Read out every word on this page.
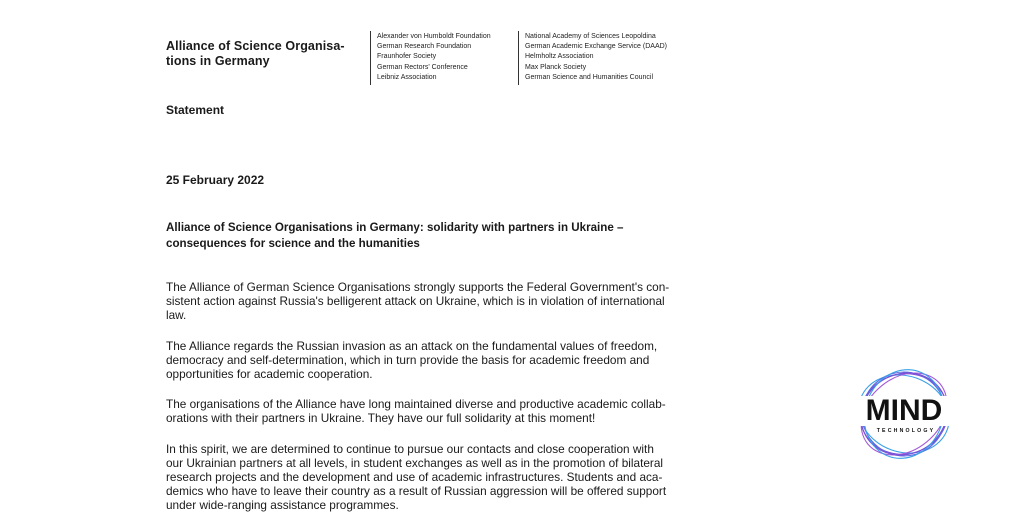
Alliance of Science Organisa-
tions in Germany
Alexander von Humboldt Foundation
German Research Foundation
Fraunhofer Society
German Rectors' Conference
Leibniz Association
National Academy of Sciences Leopoldina
German Academic Exchange Service (DAAD)
Helmholtz Association
Max Planck Society
German Science and Humanities Council
Statement
25 February 2022
Alliance of Science Organisations in Germany: solidarity with partners in Ukraine –
consequences for science and the humanities

The Alliance of German Science Organisations strongly supports the Federal Government's con-
sistent action against Russia's belligerent attack on Ukraine, which is in violation of international
law.

The Alliance regards the Russian invasion as an attack on the fundamental values of freedom,
democracy and self-determination, which in turn provide the basis for academic freedom and
opportunities for academic cooperation.

The organisations of the Alliance have long maintained diverse and productive academic collab-
orations with their partners in Ukraine. They have our full solidarity at this moment!

In this spirit, we are determined to continue to pursue our contacts and close cooperation with
our Ukrainian partners at all levels, in student exchanges as well as in the promotion of bilateral
research projects and the development and use of academic infrastructures. Students and aca-
demics who have to leave their country as a result of Russian aggression will be offered support
under wide-ranging assistance programmes.

MIND
TECHNOLOGY
